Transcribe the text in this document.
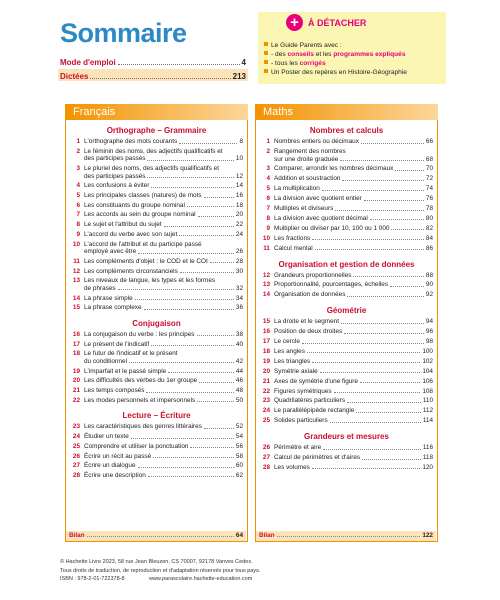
Sommaire
Mode d'emploi	4
Dictées	213
+	À DÉTACHER
Le Guide Parents avec :
- des conseils et les programmes expliqués
- tous les corrigés
Un Poster des repères en Histoire-Géographie
Français	Maths
Orthographe – Grammaire
1 L'orthographe des mots courants	8
2 Le féminin des noms, des adjectifs qualificatifs et
des participes passés	10
3 Le pluriel des noms, des adjectifs qualificatifs et
des participes passés	12
4 Les confusions à éviter	14
5 Les principales classes (natures) de mots	16
6 Les constituants du groupe nominal	18
7 Les accords au sein du groupe nominal	20
8 Le sujet et l'attribut du sujet	22
9 L'accord du verbe avec son sujet	24
10 L'accord de l'attribut et du participe passé
employé avec être	26
11 Les compléments d'objet : le COD et le COI	28
12 Les compléments circonstanciels	30
13 Les niveaux de langue, les types et les formes
de phrases	32
14 La phrase simple	34
15 La phrase complexe	36
Conjugaison
16 La conjugaison du verbe : les principes	38
17 Le présent de l'indicatif	40
18 Le futur de l'indicatif et le présent
du conditionnel	42
19 L'imparfait et le passé simple	44
20 Les difficultés des verbes du 1er groupe	46
21 Les temps composés	48
22 Les modes personnels et impersonnels	50
Lecture – Écriture
23 Les caractéristiques des genres littéraires	52
24 Étudier un texte	54
25 Comprendre et utiliser la ponctuation	56
26 Écrire un récit au passé	58
27 Écrire un dialogue	60
28 Écrire une description	62
Bilan	64
Nombres et calculs
1 Nombres entiers ou décimaux	66
2 Rangement des nombres
sur une droite graduée	68
3 Comparer, arrondir les nombres décimaux	70
4 Addition et soustraction	72
5 La multiplication	74
6 La division avec quotient entier	76
7 Multiples et diviseurs	78
8 La division avec quotient décimal	80
9 Multiplier ou diviser par 10, 100 ou 1 000	82
10 Les fractions	84
11 Calcul mental	86
Organisation et gestion de données
12 Grandeurs proportionnelles	88
13 Proportionnalité, pourcentages, échelles	90
14 Organisation de données	92
Géométrie
15 La droite et le segment	94
16 Position de deux droites	96
17 Le cercle	98
18 Les angles	100
19 Les triangles	102
20 Symétrie axiale	104
21 Axes de symétrie d'une figure	106
22 Figures symétriques	108
23 Quadrilatères particuliers	110
24 Le parallélépipède rectangle	112
25 Solides particuliers	114
Grandeurs et mesures
26 Périmètre et aire	116
27 Calcul de périmètres et d'aires	118
28 Les volumes	120
Bilan	122
© Hachette Livre 2023, 58 rue Jean Bleuzen, CS 70007, 92178 Vanves Cedex.
Tous droits de traduction, de reproduction et d'adaptation réservés pour tous pays.
ISBN : 978-2-01-722378-8                www.parascolaire.hachette-education.com
